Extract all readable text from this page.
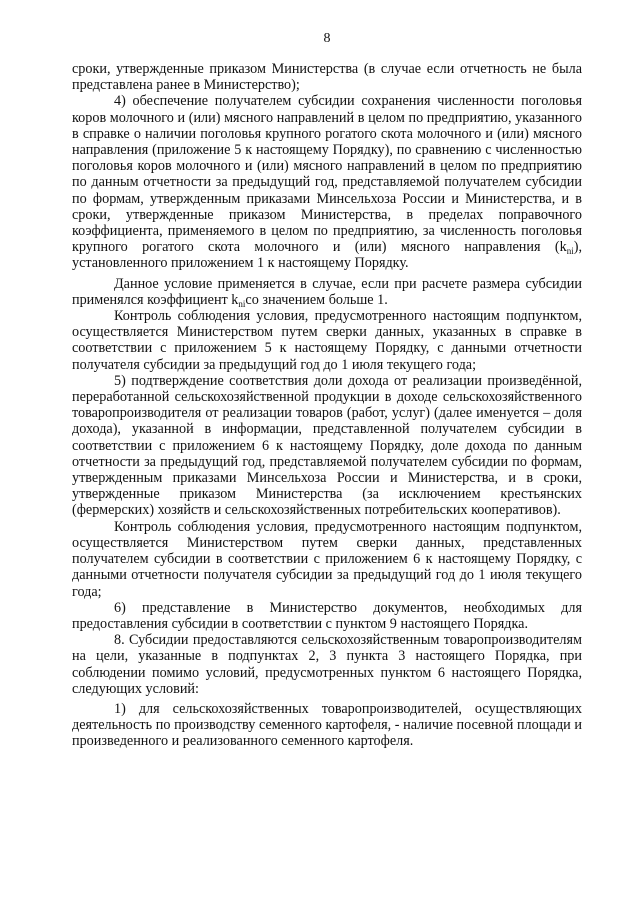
8

сроки, утвержденные приказом Министерства (в случае если отчетность не была представлена ранее в Министерство);

4) обеспечение получателем субсидии сохранения численности поголовья коров молочного и (или) мясного направлений в целом по предприятию, указанного в справке о наличии поголовья крупного рогатого скота молочного и (или) мясного направления (приложение 5 к настоящему Порядку), по сравнению с численностью поголовья коров молочного и (или) мясного направлений в целом по предприятию по данным отчетности за предыдущий год, представляемой получателем субсидии по формам, утвержденным приказами Минсельхоза России и Министерства, и в сроки, утвержденные приказом Министерства, в пределах поправочного коэффициента, применяемого в целом по предприятию, за численность поголовья крупного рогатого скота молочного и (или) мясного направления $(k_{ni})$, установленного приложением 1 к настоящему Порядку.

Данное условие применяется в случае, если при расчете размера субсидии применялся коэффициент $k_{ni}со$ значением больше 1.

Контроль соблюдения условия, предусмотренного настоящим подпунктом, осуществляется Министерством путем сверки данных, указанных в справке в соответствии с приложением 5 к настоящему Порядку, с данными отчетности получателя субсидии за предыдущий год до 1 июля текущего года;

5) подтверждение соответствия доли дохода от реализации произведённой, переработанной сельскохозяйственной продукции в доходе сельскохозяйственного товаропроизводителя от реализации товаров (работ, услуг) (далее именуется – доля дохода), указанной в информации, представленной получателем субсидии в соответствии с приложением 6 к настоящему Порядку, доле дохода по данным отчетности за предыдущий год, представляемой получателем субсидии по формам, утвержденным приказами Минсельхоза России и Министерства, и в сроки, утвержденные приказом Министерства (за исключением крестьянских (фермерских) хозяйств и сельскохозяйственных потребительских кооперативов).

Контроль соблюдения условия, предусмотренного настоящим подпунктом, осуществляется Министерством путем сверки данных, представленных получателем субсидии в соответствии с приложением 6 к настоящему Порядку, с данными отчетности получателя субсидии за предыдущий год до 1 июля текущего года;

6) представление в Министерство документов, необходимых для предоставления субсидии в соответствии с пунктом 9 настоящего Порядка.

8. Субсидии предоставляются сельскохозяйственным товаропроизводителям на цели, указанные в подпунктах 2, 3 пункта 3 настоящего Порядка, при соблюдении помимо условий, предусмотренных пунктом 6 настоящего Порядка, следующих условий:

1) для сельскохозяйственных товаропроизводителей, осуществляющих деятельность по производству семенного картофеля, - наличие посевной площади и произведенного и реализованного семенного картофеля.
